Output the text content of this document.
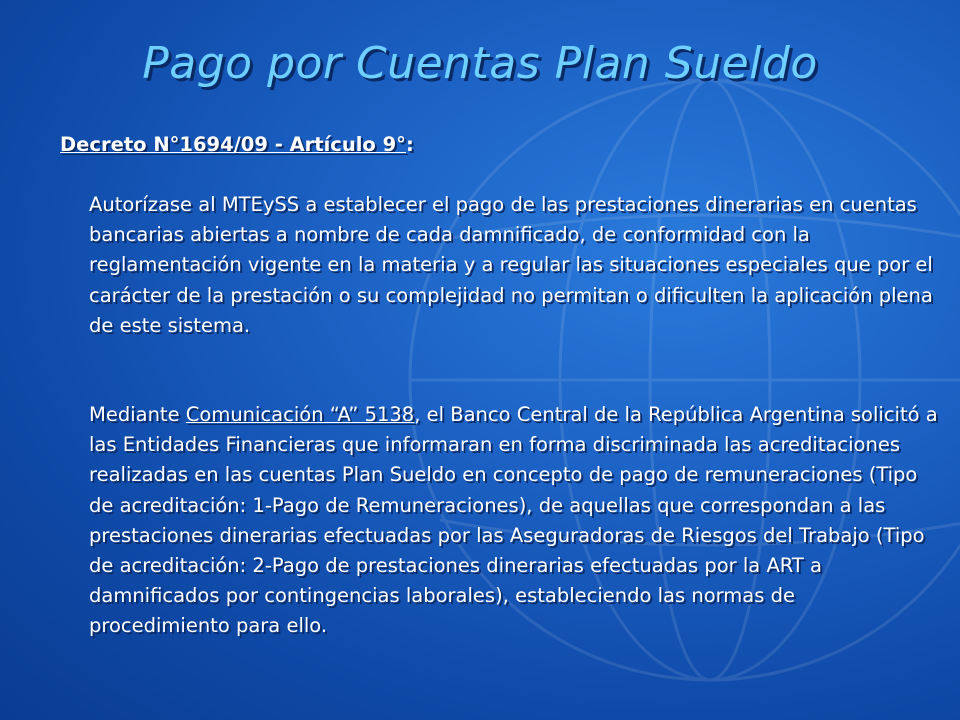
Pago por Cuentas Plan Sueldo
Decreto N°1694/09 - Artículo 9°:
Autorízase al MTEySS a establecer el pago de las prestaciones dinerarias en cuentas bancarias abiertas a nombre de cada damnificado, de conformidad con la reglamentación vigente en la materia y a regular las situaciones especiales que por el carácter de la prestación o su complejidad no permitan o dificulten la aplicación plena de este sistema.
Mediante Comunicación “A” 5138, el Banco Central de la República Argentina solicitó a las Entidades Financieras que informaran en forma discriminada las acreditaciones realizadas en las cuentas Plan Sueldo en concepto de pago de remuneraciones (Tipo de acreditación: 1-Pago de Remuneraciones), de aquellas que correspondan a las prestaciones dinerarias efectuadas por las Aseguradoras de Riesgos del Trabajo (Tipo de acreditación: 2-Pago de prestaciones dinerarias efectuadas por la ART a damnificados por contingencias laborales), estableciendo las normas de procedimiento para ello.
